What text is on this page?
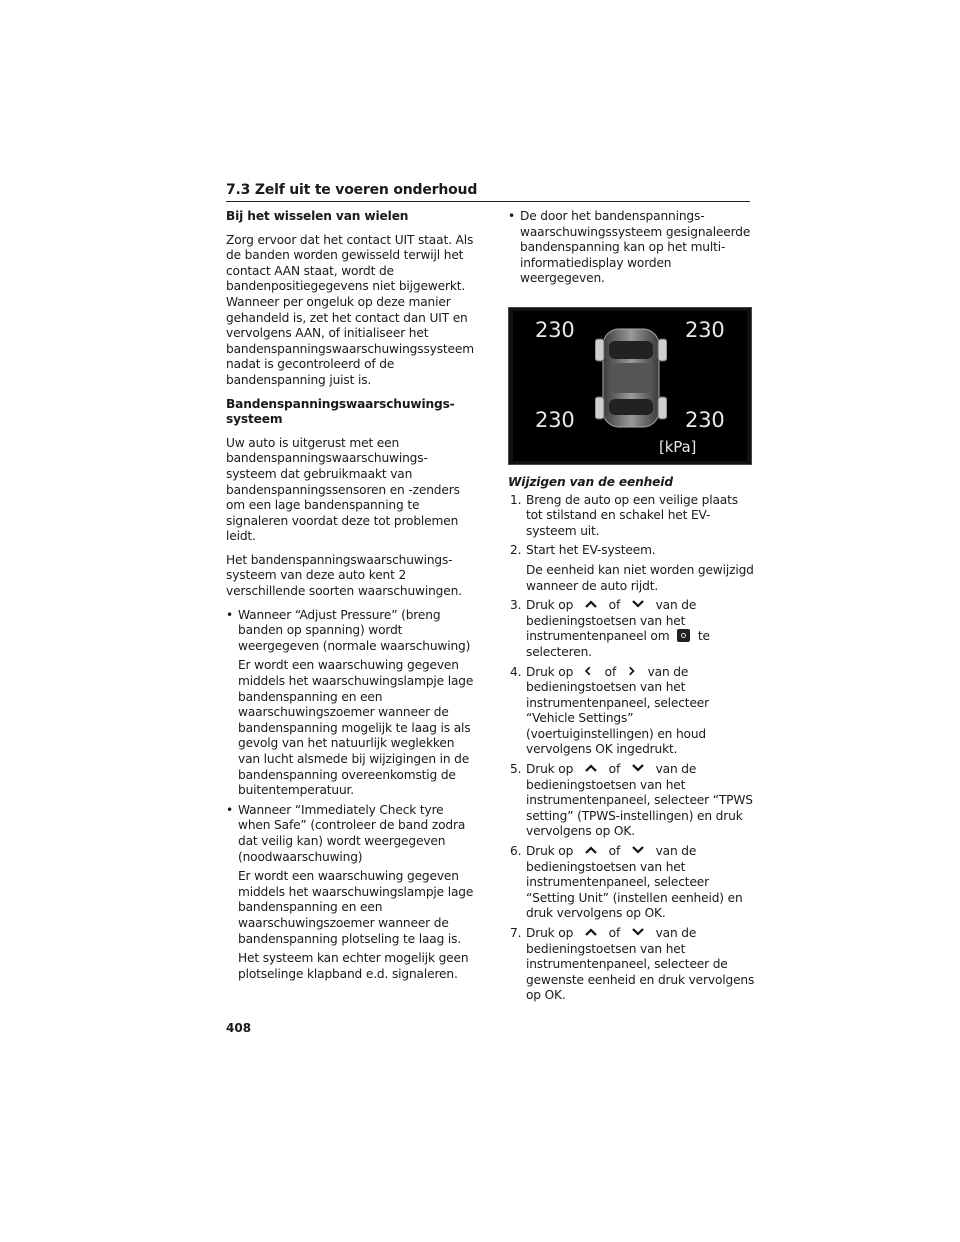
7.3 Zelf uit te voeren onderhoud
Bij het wisselen van wielen

Zorg ervoor dat het contact UIT staat. Als de banden worden gewisseld terwijl het contact AAN staat, wordt de bandenpositiegegevens niet bijgewerkt. Wanneer per ongeluk op deze manier gehandeld is, zet het contact dan UIT en vervolgens AAN, of initialiseer het bandenspanningswaarschuwingssysteem nadat is gecontroleerd of de bandenspanning juist is.

Bandenspanningswaarschuwings- systeem

Uw auto is uitgerust met een bandenspanningswaarschuwings- systeem dat gebruikmaakt van bandenspanningssensoren en -zenders om een lage bandenspanning te signaleren voordat deze tot problemen leidt.

Het bandenspanningswaarschuwings- systeem van deze auto kent 2 verschillende soorten waarschuwingen.

• Wanneer “Adjust Pressure” (breng banden op spanning) wordt weergegeven (normale waarschuwing)

Er wordt een waarschuwing gegeven middels het waarschuwingslampje lage bandenspanning en een waarschuwingszoemer wanneer de bandenspanning mogelijk te laag is als gevolg van het natuurlijk weglekken van lucht alsmede bij wijzigingen in de bandenspanning overeenkomstig de buitentemperatuur.

• Wanneer “Immediately Check tyre when Safe” (controleer de band zodra dat veilig kan) wordt weergegeven (noodwaarschuwing)

Er wordt een waarschuwing gegeven middels het waarschuwingslampje lage bandenspanning en een waarschuwingszoemer wanneer de bandenspanning plotseling te laag is.

Het systeem kan echter mogelijk geen plotselinge klapband e.d. signaleren.

• De door het bandenspannings- waarschuwingssysteem gesignaleerde bandenspanning kan op het multi-informatiedisplay worden weergegeven.

230	230
230	230
[kPa]
Wijzigen van de eenheid
1. Breng de auto op een veilige plaats tot stilstand en schakel het EV-systeem uit.

2. Start het EV-systeem.

De eenheid kan niet worden gewijzigd wanneer de auto rijdt.

3. Druk op	of	van de bedieningstoetsen van het instrumentenpaneel om te selecteren.

4. Druk op	of	van de bedieningstoetsen van het instrumentenpaneel, selecteer “Vehicle Settings” (voertuiginstellingen) en houd vervolgens OK ingedrukt.

5. Druk op	of	van de bedieningstoetsen van het instrumentenpaneel, selecteer “TPWS setting” (TPWS-instellingen) en druk vervolgens op OK.

6. Druk op	of	van de bedieningstoetsen van het instrumentenpaneel, selecteer “Setting Unit” (instellen eenheid) en druk vervolgens op OK.

7. Druk op	of	van de bedieningstoetsen van het instrumentenpaneel, selecteer de gewenste eenheid en druk vervolgens op OK.

408
